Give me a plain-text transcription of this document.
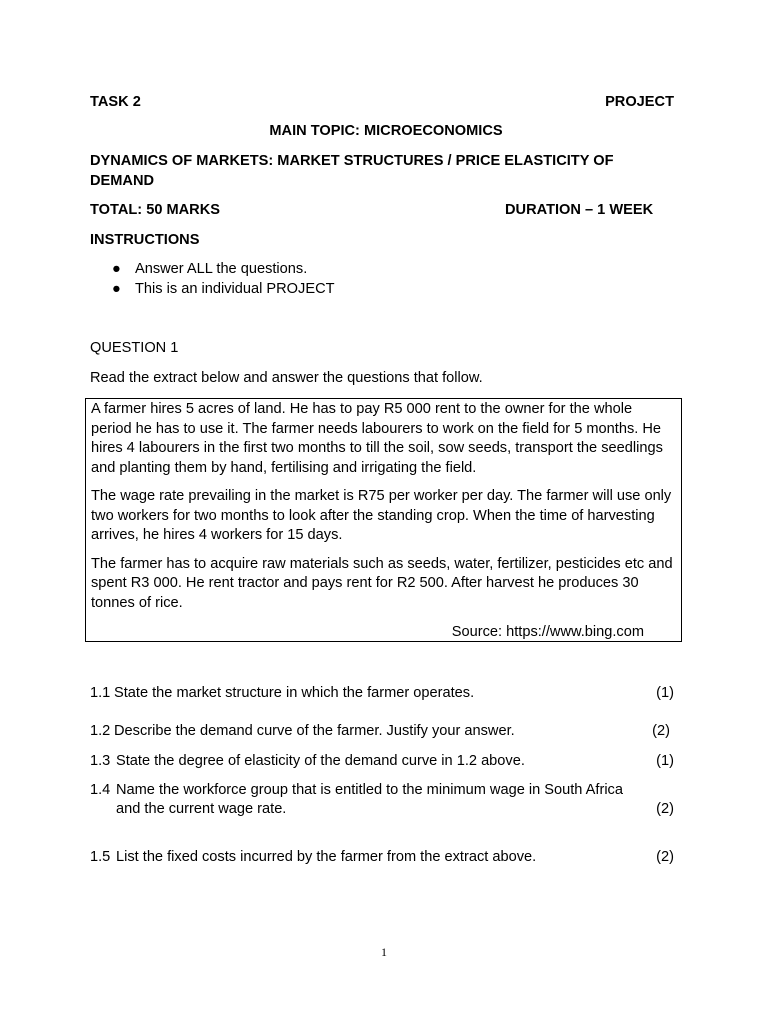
TASK 2	PROJECT
MAIN TOPIC: MICROECONOMICS
DYNAMICS OF MARKETS: MARKET STRUCTURES / PRICE ELASTICITY OF
DEMAND
TOTAL: 50 MARKS	DURATION – 1 WEEK
INSTRUCTIONS
● Answer ALL the questions.
● This is an individual PROJECT
QUESTION 1
Read the extract below and answer the questions that follow.

A farmer hires 5 acres of land. He has to pay R5 000 rent to the owner for the whole period he has to use it. The farmer needs labourers to work on the field for 5 months. He hires 4 labourers in the first two months to till the soil, sow seeds, transport the seedlings and planting them by hand, fertilising and irrigating the field.

The wage rate prevailing in the market is R75 per worker per day. The farmer will use only two workers for two months to look after the standing crop. When the time of harvesting arrives, he hires 4 workers for 15 days.

The farmer has to acquire raw materials such as seeds, water, fertilizer, pesticides etc and spent R3 000. He rent tractor and pays rent for R2 500. After harvest he produces 30 tonnes of rice.

Source: https://www.bing.com

1.1 State the market structure in which the farmer operates.	(1)
1.2 Describe the demand curve of the farmer. Justify your answer.	(2)
1.3 State the degree of elasticity of the demand curve in 1.2 above.	(1)
1.4 Name the workforce group that is entitled to the minimum wage in South Africa
and the current wage rate.	(2)
1.5 List the fixed costs incurred by the farmer from the extract above.	(2)
1
